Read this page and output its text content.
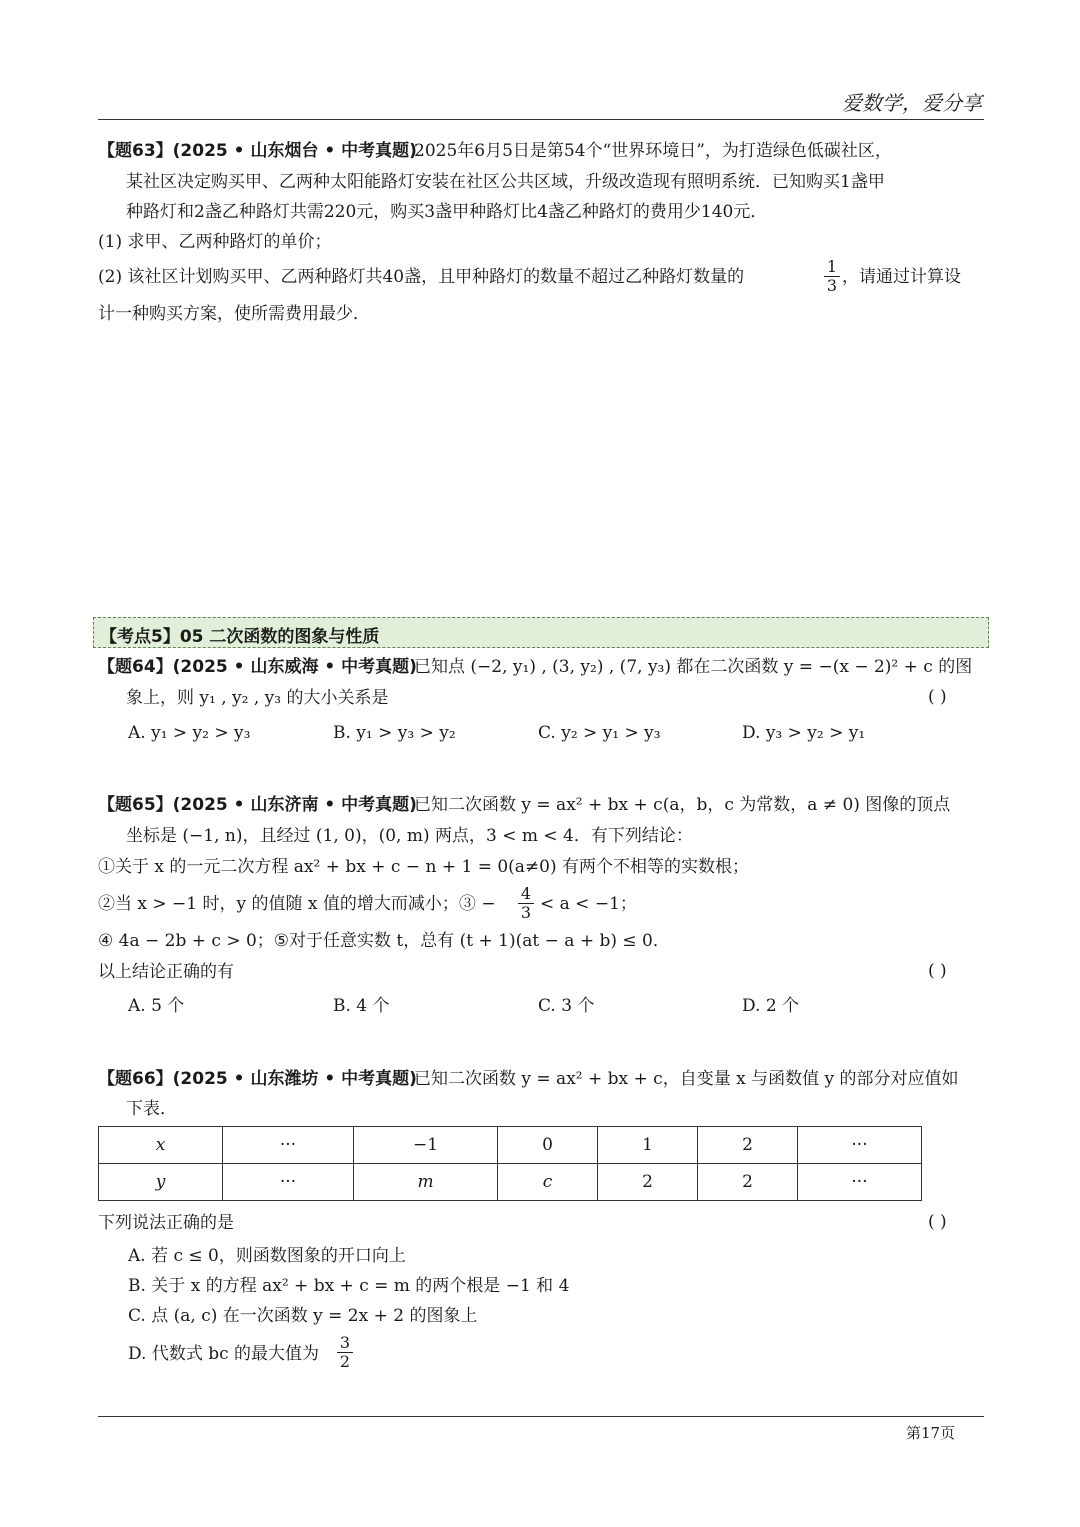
爱数学，爱分享
【题63】(2025 • 山东烟台 • 中考真题)
2025年6月5日是第54个“世界环境日”，为打造绿色低碳社区，
某社区决定购买甲、乙两种太阳能路灯安装在社区公共区域，升级改造现有照明系统．已知购买1盏甲
种路灯和2盏乙种路灯共需220元，购买3盏甲种路灯比4盏乙种路灯的费用少140元．
(1) 求甲、乙两种路灯的单价；
(2) 该社区计划购买甲、乙两种路灯共40盏，且甲种路灯的数量不超过乙种路灯数量的	$\frac{1}{3}$ ，请通过计算设
计一种购买方案，使所需费用最少．
【考点5】05 二次函数的图象与性质
【题64】(2025 • 山东威海 • 中考真题)
已知点 (−2, y₁) , (3, y₂) , (7, y₃) 都在二次函数 y = −(x − 2)² + c 的图
象上，则 y₁ , y₂ , y₃ 的大小关系是	( )
A. y₁ > y₂ > y₃	B. y₁ > y₃ > y₂	C. y₂ > y₁ > y₃	D. y₃ > y₂ > y₁
【题65】(2025 • 山东济南 • 中考真题)
已知二次函数 y = ax² + bx + c(a，b，c 为常数，a ≠ 0) 图像的顶点
坐标是 (−1, n)，且经过 (1, 0)，(0, m) 两点，3 < m < 4．有下列结论：
①关于 x 的一元二次方程 ax² + bx + c − n + 1 = 0(a≠0) 有两个不相等的实数根；
②当 x > −1 时，y 的值随 x 值的增大而减小；③ − $\frac{4}{3} < a < -1$；
④ 4a − 2b + c > 0；⑤对于任意实数 t，总有 (t + 1)(at − a + b) ≤ 0．
以上结论正确的有	( )
A. 5 个	B. 4 个	C. 3 个	D. 2 个
【题66】(2025 • 山东潍坊 • 中考真题)
已知二次函数 y = ax² + bx + c，自变量 x 与函数值 y 的部分对应值如
下表．
x	···	−1	0	1	2	···
y	···	m	c	2	2	···
下列说法正确的是	( )
A. 若 c ≤ 0，则函数图象的开口向上
B. 关于 x 的方程 ax² + bx + c = m 的两个根是 −1 和 4
C. 点 (a, c) 在一次函数 y = 2x + 2 的图象上
D. 代数式 bc 的最大值为 $\frac{3}{2}$
第17页
